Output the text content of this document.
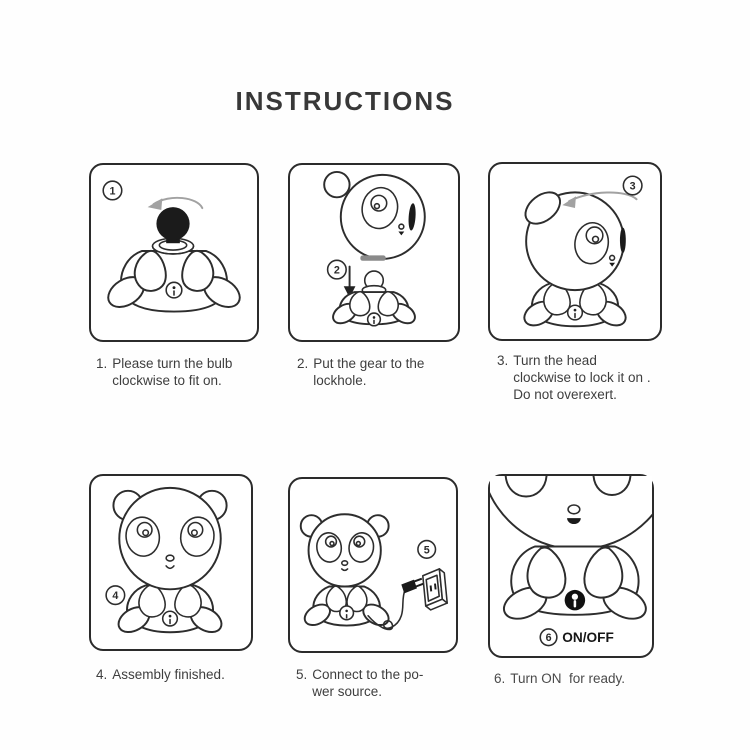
INSTRUCTIONS
1
2
3
4
5
6 ON/OFF
1. Please turn the bulb
clockwise to fit on.
2. Put the gear to the
lockhole.
3. Turn the head
clockwise to lock it on .
Do not overexert.
4. Assembly finished.	5. Connect to the po-
wer source.
6. Turn ON  for ready.
